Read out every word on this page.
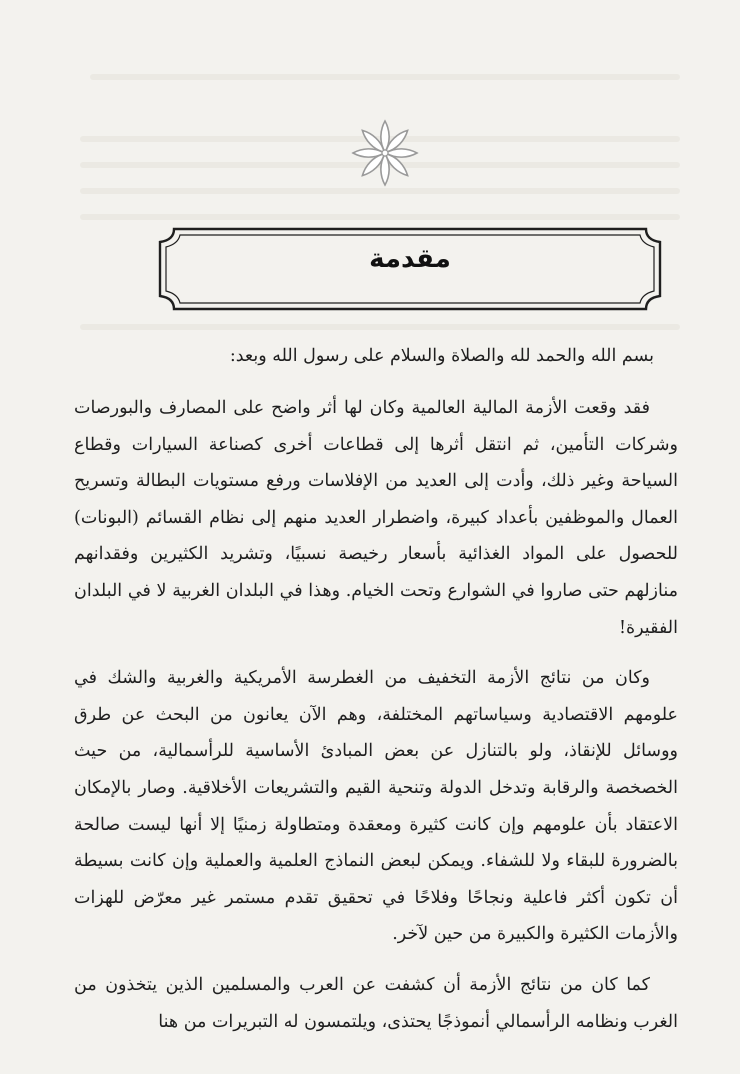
مقدمة

بسم الله والحمد لله والصلاة والسلام على رسول الله وبعد:

فقد وقعت الأزمة المالية العالمية وكان لها أثر واضح على المصارف والبورصات وشركات التأمين، ثم انتقل أثرها إلى قطاعات أخرى كصناعة السيارات وقطاع السياحة وغير ذلك، وأدت إلى العديد من الإفلاسات ورفع مستويات البطالة وتسريح العمال والموظفين بأعداد كبيرة، واضطرار العديد منهم إلى نظام القسائم (البونات) للحصول على المواد الغذائية بأسعار رخيصة نسبيًا، وتشريد الكثيرين وفقدانهم منازلهم حتى صاروا في الشوارع وتحت الخيام. وهذا في البلدان الغربية لا في البلدان الفقيرة!

وكان من نتائج الأزمة التخفيف من الغطرسة الأمريكية والغربية والشك في علومهم الاقتصادية وسياساتهم المختلفة، وهم الآن يعانون من البحث عن طرق ووسائل للإنقاذ، ولو بالتنازل عن بعض المبادئ الأساسية للرأسمالية، من حيث الخصخصة والرقابة وتدخل الدولة وتنحية القيم والتشريعات الأخلاقية. وصار بالإمكان الاعتقاد بأن علومهم وإن كانت كثيرة ومعقدة ومتطاولة زمنيًا إلا أنها ليست صالحة بالضرورة للبقاء ولا للشفاء. ويمكن لبعض النماذج العلمية والعملية وإن كانت بسيطة أن تكون أكثر فاعلية ونجاحًا وفلاحًا في تحقيق تقدم مستمر غير معرّض للهزات والأزمات الكثيرة والكبيرة من حين لآخر.

كما كان من نتائج الأزمة أن كشفت عن العرب والمسلمين الذين يتخذون من الغرب ونظامه الرأسمالي أنموذجًا يحتذى، ويلتمسون له التبريرات من هنا
